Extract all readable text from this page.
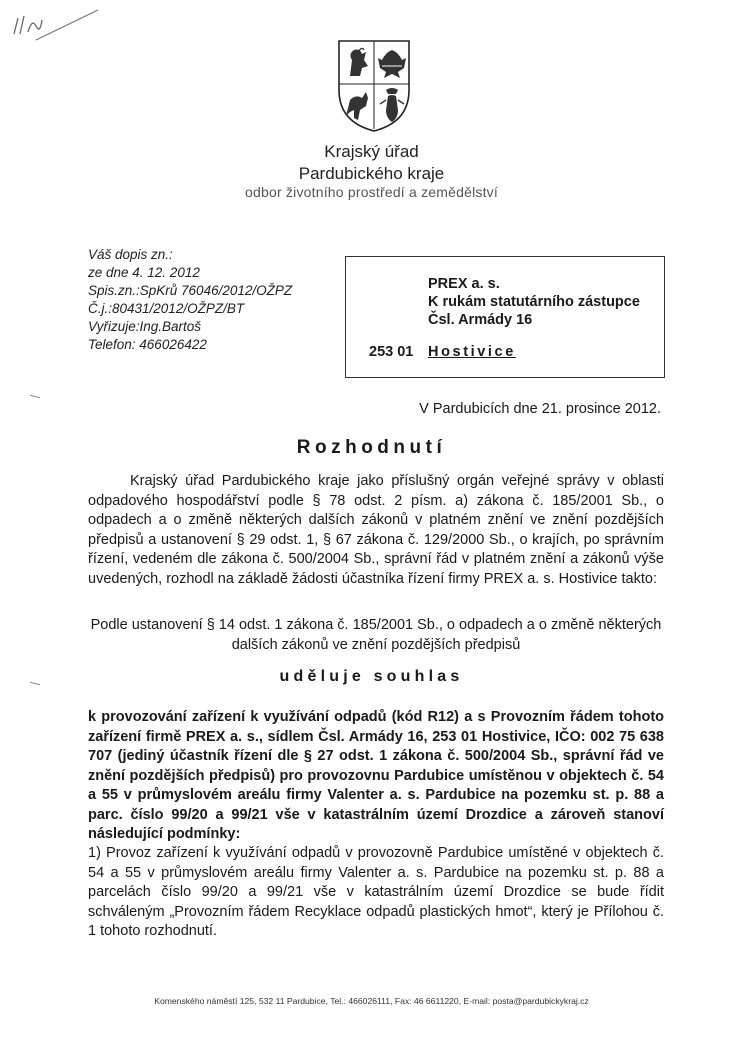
Krajský úřad
Pardubického kraje
odbor životního prostředí a zemědělství
Váš dopis zn.:
ze dne 4. 12. 2012
Spis.zn.:SpKrů 76046/2012/OŽPZ
Č.j.:80431/2012/OŽPZ/BT
Vyřizuje:Ing.Bartoš
Telefon: 466026422
PREX a. s.
K rukám statutárního zástupce
Čsl. Armády 16
253 01 Hostivice
V Pardubicích dne 21. prosince 2012.
Rozhodnutí
Krajský úřad Pardubického kraje jako příslušný orgán veřejné správy v oblasti odpadového hospodářství podle § 78 odst. 2 písm. a) zákona č. 185/2001 Sb., o odpadech a o změně některých dalších zákonů v platném znění ve znění pozdějších předpisů a ustanovení § 29 odst. 1, § 67 zákona č. 129/2000 Sb., o krajích, po správním řízení, vedeném dle zákona č. 500/2004 Sb., správní řád v platném znění a zákonů výše uvedených, rozhodl na základě žádosti účastníka řízení firmy PREX a. s. Hostivice takto:
Podle ustanovení § 14 odst. 1 zákona č. 185/2001 Sb., o odpadech a o změně některých dalších zákonů ve znění pozdějších předpisů
uděluje souhlas
k provozování zařízení k využívání odpadů (kód R12) a s Provozním řádem tohoto zařízení firmě PREX a. s., sídlem Čsl. Armády 16, 253 01 Hostivice, IČO: 002 75 638 707 (jediný účastník řízení dle § 27 odst. 1 zákona č. 500/2004 Sb., správní řád ve znění pozdějších předpisů) pro provozovnu Pardubice umístěnou v objektech č. 54 a 55 v průmyslovém areálu firmy Valenter a. s. Pardubice na pozemku st. p. 88 a parc. číslo 99/20 a 99/21 vše v katastrálním území Drozdice a zároveň stanoví následující podmínky:
1) Provoz zařízení k využívání odpadů v provozovně Pardubice umístěné v objektech č. 54 a 55 v průmyslovém areálu firmy Valenter a. s. Pardubice na pozemku st. p. 88 a parcelách číslo 99/20 a 99/21 vše v katastrálním území Drozdice se bude řídit schváleným „Provozním řádem Recyklace odpadů plastických hmot“, který je Přílohou č. 1 tohoto rozhodnutí.
Komenského náměstí 125, 532 11 Pardubice, Tel.: 466026111, Fax: 46 6611220, E-mail: posta@pardubickykraj.cz
